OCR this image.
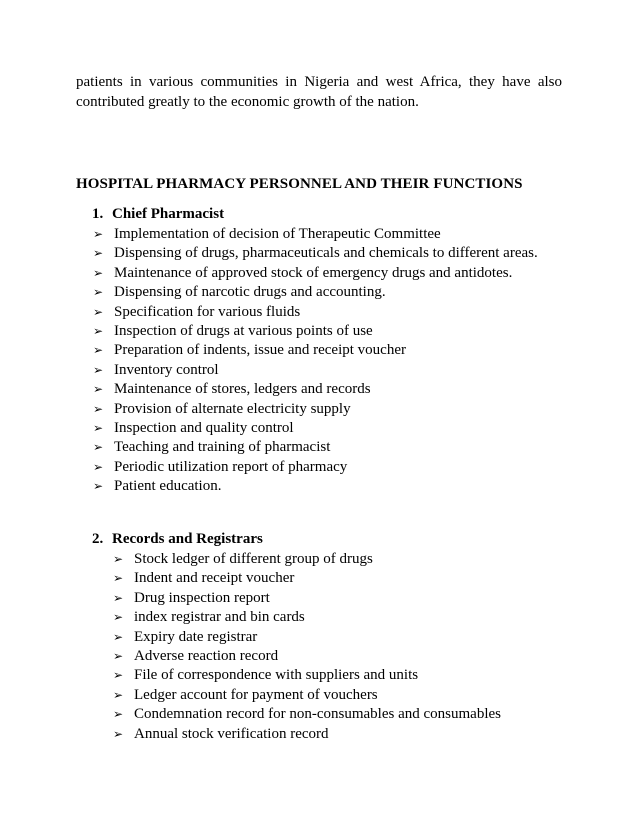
patients in various communities in Nigeria and west Africa, they have also contributed greatly to the economic growth of the nation.

HOSPITAL PHARMACY PERSONNEL AND THEIR FUNCTIONS
1. Chief Pharmacist
➢ Implementation of decision of Therapeutic Committee
➢ Dispensing of drugs, pharmaceuticals and chemicals to different areas.
➢ Maintenance of approved stock of emergency drugs and antidotes.
➢ Dispensing of narcotic drugs and accounting.
➢ Specification for various fluids
➢ Inspection of drugs at various points of use
➢ Preparation of indents, issue and receipt voucher
➢ Inventory control
➢ Maintenance of stores, ledgers and records
➢ Provision of alternate electricity supply
➢ Inspection and quality control
➢ Teaching and training of pharmacist
➢ Periodic utilization report of pharmacy
➢ Patient education.
2. Records and Registrars
➢ Stock ledger of different group of drugs
➢ Indent and receipt voucher
➢ Drug inspection report
➢ index registrar and bin cards
➢ Expiry date registrar
➢ Adverse reaction record
➢ File of correspondence with suppliers and units
➢ Ledger account for payment of vouchers
➢ Condemnation record for non-consumables and consumables
➢ Annual stock verification record
